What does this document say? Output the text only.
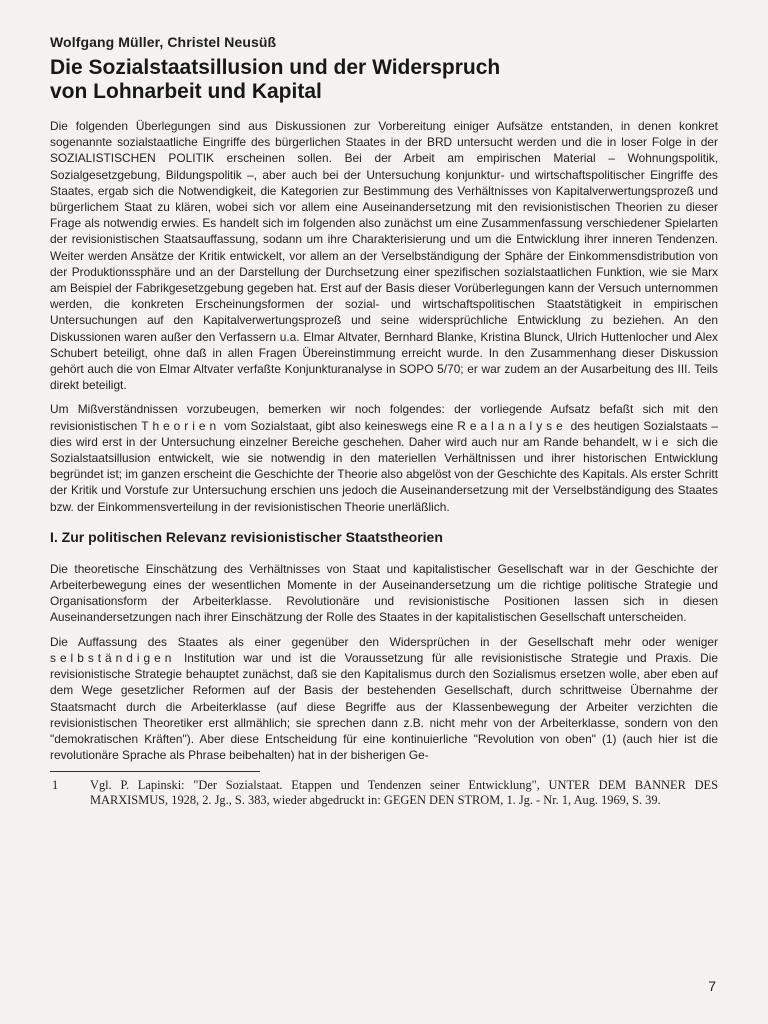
Wolfgang Müller, Christel Neusüß
Die Sozialstaatsillusion und der Widerspruch
von Lohnarbeit und Kapital

Die folgenden Überlegungen sind aus Diskussionen zur Vorbereitung einiger Aufsätze entstanden, in denen konkret sogenannte sozialstaatliche Eingriffe des bürgerlichen Staates in der BRD untersucht werden und die in loser Folge in der SOZIALISTISCHEN POLITIK erscheinen sollen. Bei der Arbeit am empirischen Material – Wohnungspolitik, Sozialgesetzgebung, Bildungspolitik –, aber auch bei der Untersuchung konjunktur- und wirtschaftspolitischer Eingriffe des Staates, ergab sich die Notwendigkeit, die Kategorien zur Bestimmung des Verhältnisses von Kapitalverwertungsprozeß und bürgerlichem Staat zu klären, wobei sich vor allem eine Auseinandersetzung mit den revisionistischen Theorien zu dieser Frage als notwendig erwies. Es handelt sich im folgenden also zunächst um eine Zusammenfassung verschiedener Spielarten der revisionistischen Staatsauffassung, sodann um ihre Charakterisierung und um die Entwicklung ihrer inneren Tendenzen. Weiter werden Ansätze der Kritik entwickelt, vor allem an der Verselbständigung der Sphäre der Einkommensdistribution von der Produktionssphäre und an der Darstellung der Durchsetzung einer spezifischen sozialstaatlichen Funktion, wie sie Marx am Beispiel der Fabrikgesetzgebung gegeben hat. Erst auf der Basis dieser Vorüberlegungen kann der Versuch unternommen werden, die konkreten Erscheinungsformen der sozial- und wirtschaftspolitischen Staatstätigkeit in empirischen Untersuchungen auf den Kapitalverwertungsprozeß und seine widersprüchliche Entwicklung zu beziehen. An den Diskussionen waren außer den Verfassern u.a. Elmar Altvater, Bernhard Blanke, Kristina Blunck, Ulrich Huttenlocher und Alex Schubert beteiligt, ohne daß in allen Fragen Übereinstimmung erreicht wurde. In den Zusammenhang dieser Diskussion gehört auch die von Elmar Altvater verfaßte Konjunkturanalyse in SOPO 5/70; er war zudem an der Ausarbeitung des III. Teils direkt beteiligt.

Um Mißverständnissen vorzubeugen, bemerken wir noch folgendes: der vorliegende Aufsatz befaßt sich mit den revisionistischen Theorien vom Sozialstaat, gibt also keineswegs eine Realanalyse des heutigen Sozialstaats – dies wird erst in der Untersuchung einzelner Bereiche geschehen. Daher wird auch nur am Rande behandelt, wie sich die Sozialstaatsillusion entwickelt, wie sie notwendig in den materiellen Verhältnissen und ihrer historischen Entwicklung begründet ist; im ganzen erscheint die Geschichte der Theorie also abgelöst von der Geschichte des Kapitals. Als erster Schritt der Kritik und Vorstufe zur Untersuchung erschien uns jedoch die Auseinandersetzung mit der Verselbständigung des Staates bzw. der Einkommensverteilung in der revisionistischen Theorie unerläßlich.

I. Zur politischen Relevanz revisionistischer Staatstheorien

Die theoretische Einschätzung des Verhältnisses von Staat und kapitalistischer Gesellschaft war in der Geschichte der Arbeiterbewegung eines der wesentlichen Momente in der Auseinandersetzung um die richtige politische Strategie und Organisationsform der Arbeiterklasse. Revolutionäre und revisionistische Positionen lassen sich in diesen Auseinandersetzungen nach ihrer Einschätzung der Rolle des Staates in der kapitalistischen Gesellschaft unterscheiden.

Die Auffassung des Staates als einer gegenüber den Widersprüchen in der Gesellschaft mehr oder weniger selbständigen Institution war und ist die Voraussetzung für alle revisionistische Strategie und Praxis. Die revisionistische Strategie behauptet zunächst, daß sie den Kapitalismus durch den Sozialismus ersetzen wolle, aber eben auf dem Wege gesetzlicher Reformen auf der Basis der bestehenden Gesellschaft, durch schrittweise Übernahme der Staatsmacht durch die Arbeiterklasse (auf diese Begriffe aus der Klassenbewegung der Arbeiter verzichten die revisionistischen Theoretiker erst allmählich; sie sprechen dann z.B. nicht mehr von der Arbeiterklasse, sondern von den "demokratischen Kräften"). Aber diese Entscheidung für eine kontinuierliche "Revolution von oben" (1) (auch hier ist die revolutionäre Sprache als Phrase beibehalten) hat in der bisherigen Ge-

1	Vgl. P. Lapinski: "Der Sozialstaat. Etappen und Tendenzen seiner Entwicklung", UNTER DEM BANNER DES MARXISMUS, 1928, 2. Jg., S. 383, wieder abgedruckt in: GEGEN DEN STROM, 1. Jg. - Nr. 1, Aug. 1969, S. 39.
7
